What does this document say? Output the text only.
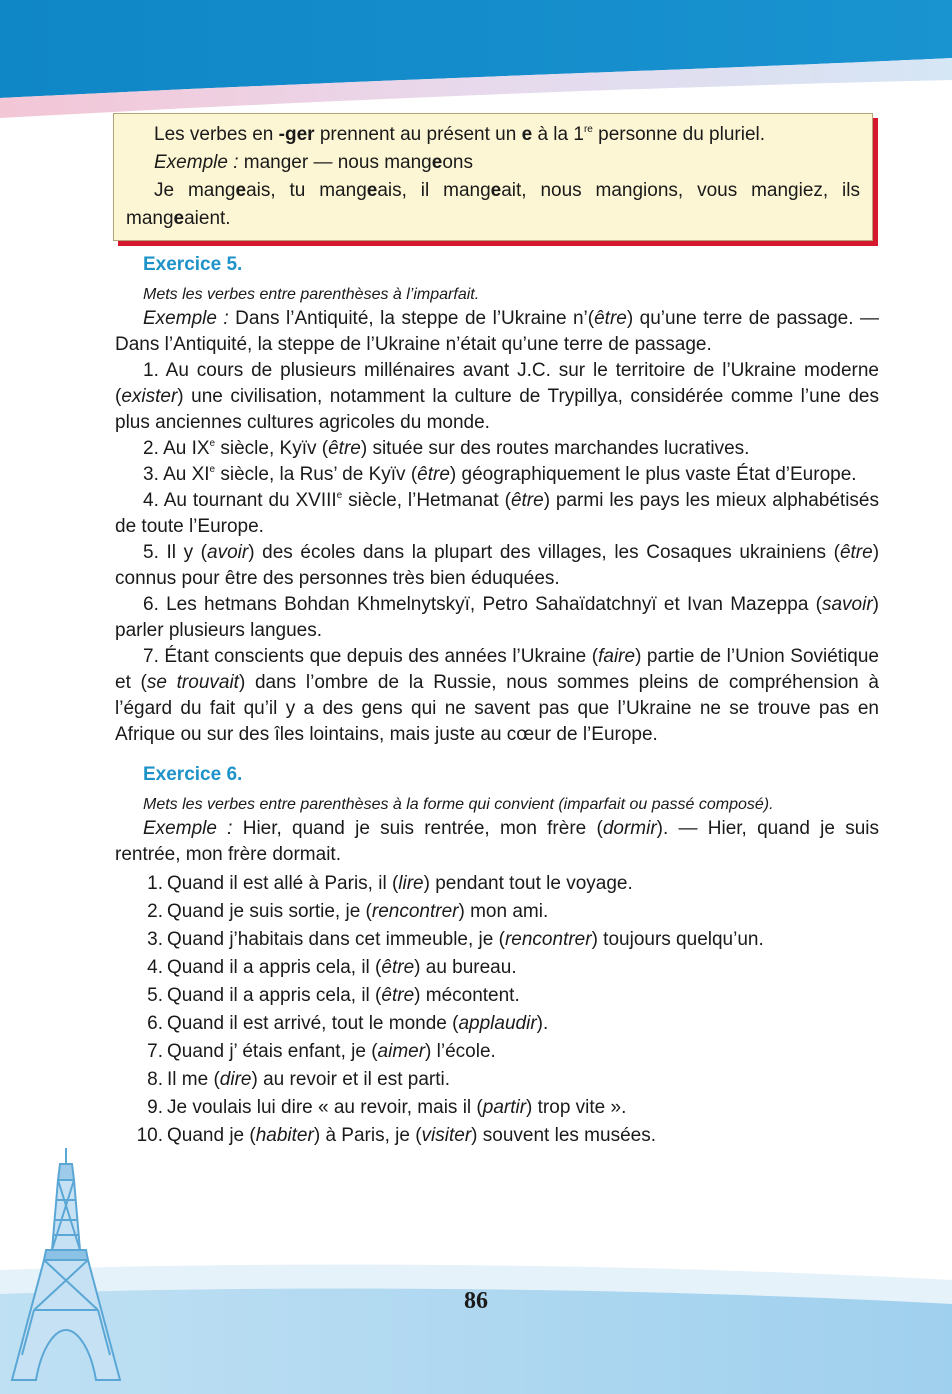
Les verbes en -ger prennent au présent un e à la 1re personne du pluriel.

Exemple : manger — nous mangeons

Je mangeais, tu mangeais, il mangeait, nous mangions, vous mangiez, ils mangeaient.

Exercice 5.

Mets les verbes entre parenthèses à l’imparfait.

Exemple : Dans l’Antiquité, la steppe de l’Ukraine n’(être) qu’une terre de passage. — Dans l’Antiquité, la steppe de l’Ukraine n’était qu’une terre de passage.

1. Au cours de plusieurs millénaires avant J.C. sur le territoire de l’Ukraine moderne (exister) une civilisation, notamment la culture de Trypillya, considérée comme l’une des plus anciennes cultures agricoles du monde.

2. Au IXe siècle, Kyïv (être) située sur des routes marchandes lucratives.

3. Au XIe siècle, la Rus’ de Kyïv (être) géographiquement le plus vaste État d’Europe.

4. Au tournant du XVIIIe siècle, l’Hetmanat (être) parmi les pays les mieux alphabétisés de toute l’Europe.

5. Il y (avoir) des écoles dans la plupart des villages, les Cosaques ukrainiens (être) connus pour être des personnes très bien éduquées.

6. Les hetmans Bohdan Khmelnytskyï, Petro Sahaïdatchnyï et Ivan Mazeppa (savoir) parler plusieurs langues.

7. Étant conscients que depuis des années l’Ukraine (faire) partie de l’Union Soviétique et (se trouvait) dans l’ombre de la Russie, nous sommes pleins de compréhension à l’égard du fait qu’il y a des gens qui ne savent pas que l’Ukraine ne se trouve pas en Afrique ou sur des îles lointains, mais juste au cœur de l’Europe.

Exercice 6.

Mets les verbes entre parenthèses à la forme qui convient (imparfait ou passé composé).

Exemple : Hier, quand je suis rentrée, mon frère (dormir). — Hier, quand je suis rentrée, mon frère dormait.

1. Quand il est allé à Paris, il (lire) pendant tout le voyage.
2. Quand je suis sortie, je (rencontrer) mon ami.
3. Quand j’habitais dans cet immeuble, je (rencontrer) toujours quelqu’un.
4. Quand il a appris cela, il (être) au bureau.
5. Quand il a appris cela, il (être) mécontent.
6. Quand il est arrivé, tout le monde (applaudir).
7. Quand j’ étais enfant, je (aimer) l’école.
8. Il me (dire) au revoir et il est parti.
9. Je voulais lui dire « au revoir, mais il (partir) trop vite ».
10. Quand je (habiter) à Paris, je (visiter) souvent les musées.
86
